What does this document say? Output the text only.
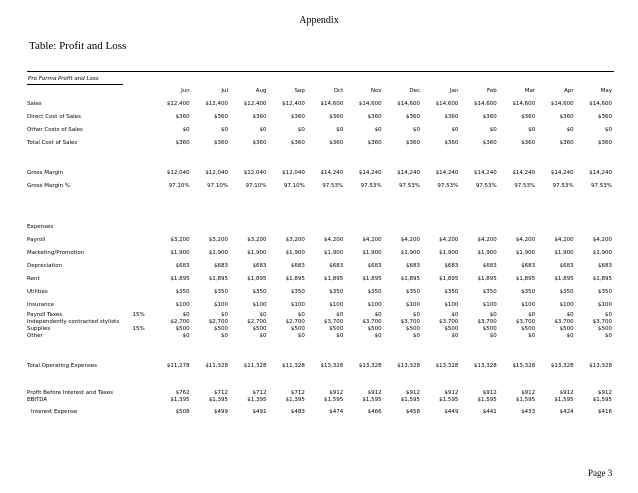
Appendix
Table: Profit and Loss
Pro Forma Profit and Loss
		Jun	Jul	Aug	Sep	Oct	Nov	Dec	Jan	Feb	Mar	Apr	May
Sales		$12,400	$12,400	$12,400	$12,400	$14,600	$14,600	$14,600	$14,600	$14,600	$14,600	$14,600	$14,600
Direct Cost of Sales		$360	$360	$360	$360	$360	$360	$360	$360	$360	$360	$360	$360
Other Costs of Sales		$0	$0	$0	$0	$0	$0	$0	$0	$0	$0	$0	$0
Total Cost of Sales		$360	$360	$360	$360	$360	$360	$360	$360	$360	$360	$360	$360

Gross Margin		$12,040	$12,040	$12,040	$12,040	$14,240	$14,240	$14,240	$14,240	$14,240	$14,240	$14,240	$14,240
Gross Margin %		97.10%	97.10%	97.10%	97.10%	97.53%	97.53%	97.53%	97.53%	97.53%	97.53%	97.53%	97.53%

Expenses													
Payroll		$3,200	$3,200	$3,200	$3,200	$4,200	$4,200	$4,200	$4,200	$4,200	$4,200	$4,200	$4,200
Marketing/Promotion		$1,900	$1,900	$1,900	$1,900	$1,900	$1,900	$1,900	$1,900	$1,900	$1,900	$1,900	$1,900
Depreciation		$683	$683	$683	$683	$683	$683	$683	$683	$683	$683	$683	$683
Rent		$1,895	$1,895	$1,895	$1,895	$1,895	$1,895	$1,895	$1,895	$1,895	$1,895	$1,895	$1,895
Utilities		$350	$350	$350	$350	$350	$350	$350	$350	$350	$350	$350	$350
Insurance		$100	$100	$100	$100	$100	$100	$100	$100	$100	$100	$100	$100
Payroll Taxes	15%	$0	$0	$0	$0	$0	$0	$0	$0	$0	$0	$0	$0
Independently contracted stylists		$2,700	$2,700	$2,700	$2,700	$3,700	$3,700	$3,700	$3,700	$3,700	$3,700	$3,700	$3,700
Supplies	15%	$500	$500	$500	$500	$500	$500	$500	$500	$500	$500	$500	$500
Other		$0	$0	$0	$0	$0	$0	$0	$0	$0	$0	$0	$0

Total Operating Expenses		$11,278	$11,328	$11,328	$11,328	$13,328	$13,328	$13,328	$13,328	$13,328	$13,328	$13,328	$13,328

Profit Before Interest and Taxes		$762	$712	$712	$712	$912	$912	$912	$912	$912	$912	$912	$912
EBITDA		$1,395	$1,395	$1,395	$1,395	$1,595	$1,595	$1,595	$1,595	$1,595	$1,595	$1,595	$1,595
Interest Expense		$508	$499	$491	$483	$474	$466	$458	$449	$441	$433	$424	$416
Page 3
